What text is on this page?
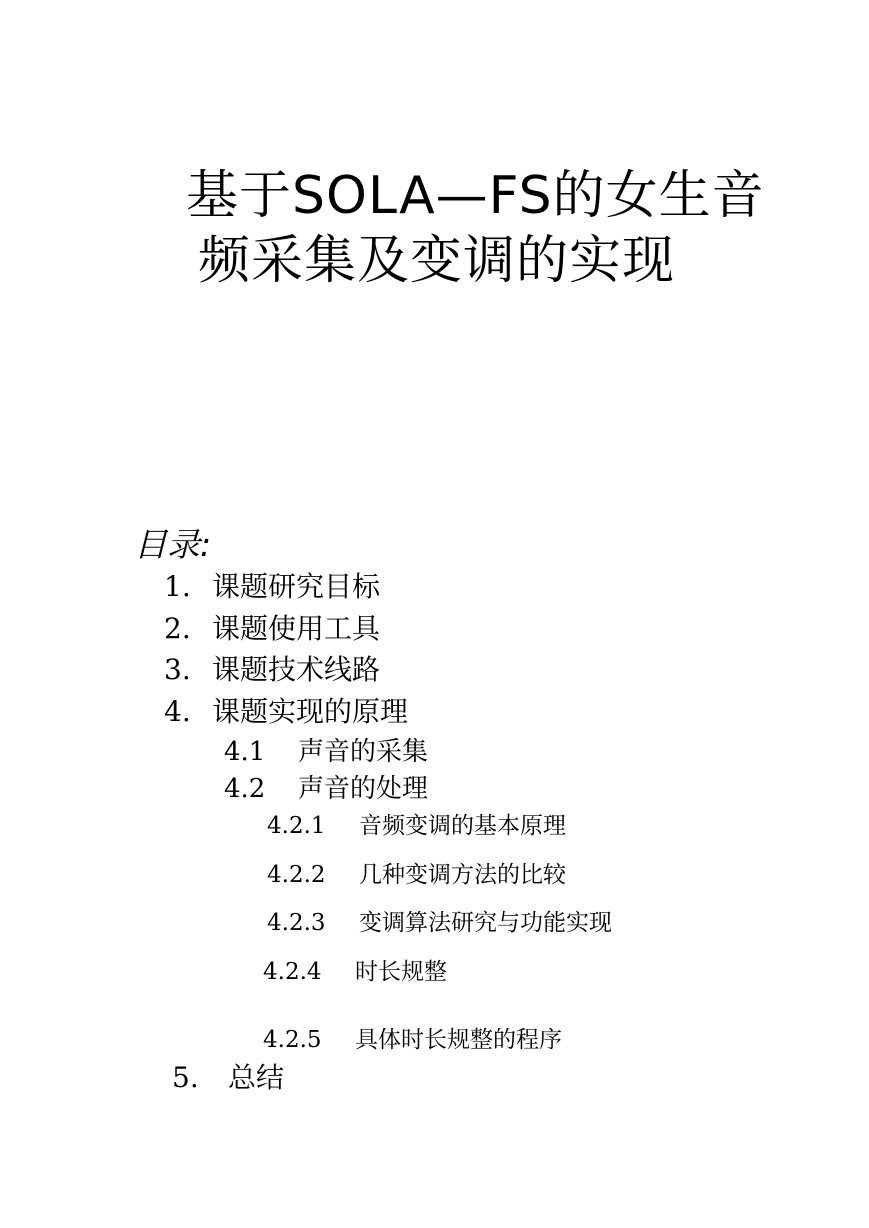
基于SOLA—FS的女生音
频采集及变调的实现
目录:
1. 课题研究目标
2. 课题使用工具
3. 课题技术线路
4. 课题实现的原理
4.1 声音的采集
4.2 声音的处理
4.2.1 音频变调的基本原理
4.2.2 几种变调方法的比较
4.2.3 变调算法研究与功能实现
4.2.4 时长规整
4.2.5 具体时长规整的程序
5. 总结
